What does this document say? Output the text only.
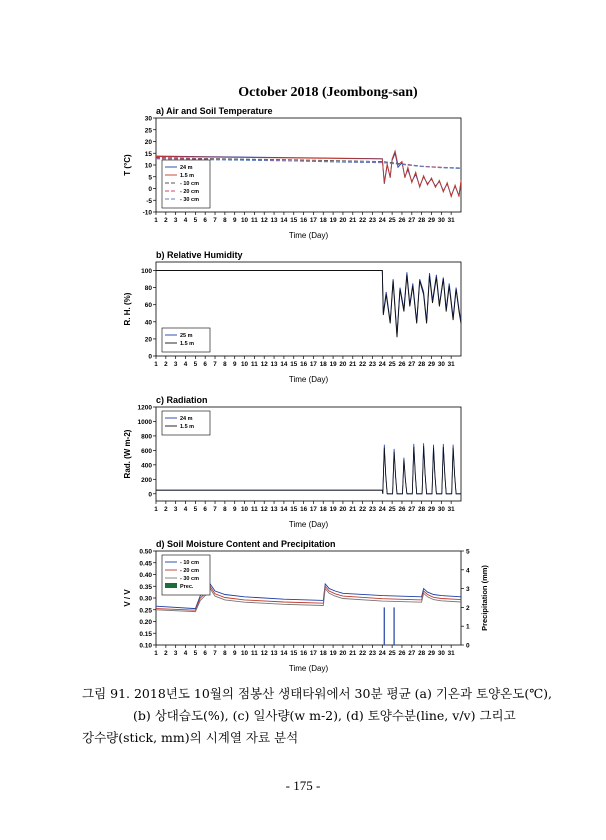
October 2018 (Jeombong-san)
a) Air and Soil Temperature
-10
-5
0
5
10
15
20
25
30
1 2 3 4 5 6 7 8 9 10 11 12 13 14 15 16 17 18 19 20 21 22 23 24 25 26 27 28 29 30 31
Time (Day)
T (°C)	24 m
1.5 m
- 10 cm
- 20 cm
- 30 cm
b) Relative Humidity
0
20
40
60
80
100
1 2 3 4 5 6 7 8 9 10 11 12 13 14 15 16 17 18 19 20 21 22 23 24 25 26 27 28 29 30 31
Time (Day)
R. H. (%)
25 m
1.5 m
c) Radiation
0
200
400
600
800
1000
1200
1 2 3 4 5 6 7 8 9 10 11 12 13 14 15 16 17 18 19 20 21 22 23 24 25 26 27 28 29 30 31
Time (Day)
Rad. (W m-2)
24 m
1.5 m
d) Soil Moisture Content and Precipitation
0.10
0.15
0.20
0.25
0.30
0.35
0.40
0.45
0.50
1 2 3 4 5 6 7 8 9 10 11 12 13 14 15 16 17 18 19 20 21 22 23 24 25 26 27 28 29 30 31
Time (Day)
V / V
0
1
2
3
4
5
Precipitation (mm)
- 10 cm
- 20 cm
- 30 cm
Prec.
그림 91. 2018년도 10월의 점봉산 생태타워에서 30분 평균 (a) 기온과 토양온도(℃),
(b) 상대습도(%), (c) 일사량(w m-2), (d) 토양수분(line, v/v) 그리고
강수량(stick, mm)의 시계열 자료 분석
- 175 -
